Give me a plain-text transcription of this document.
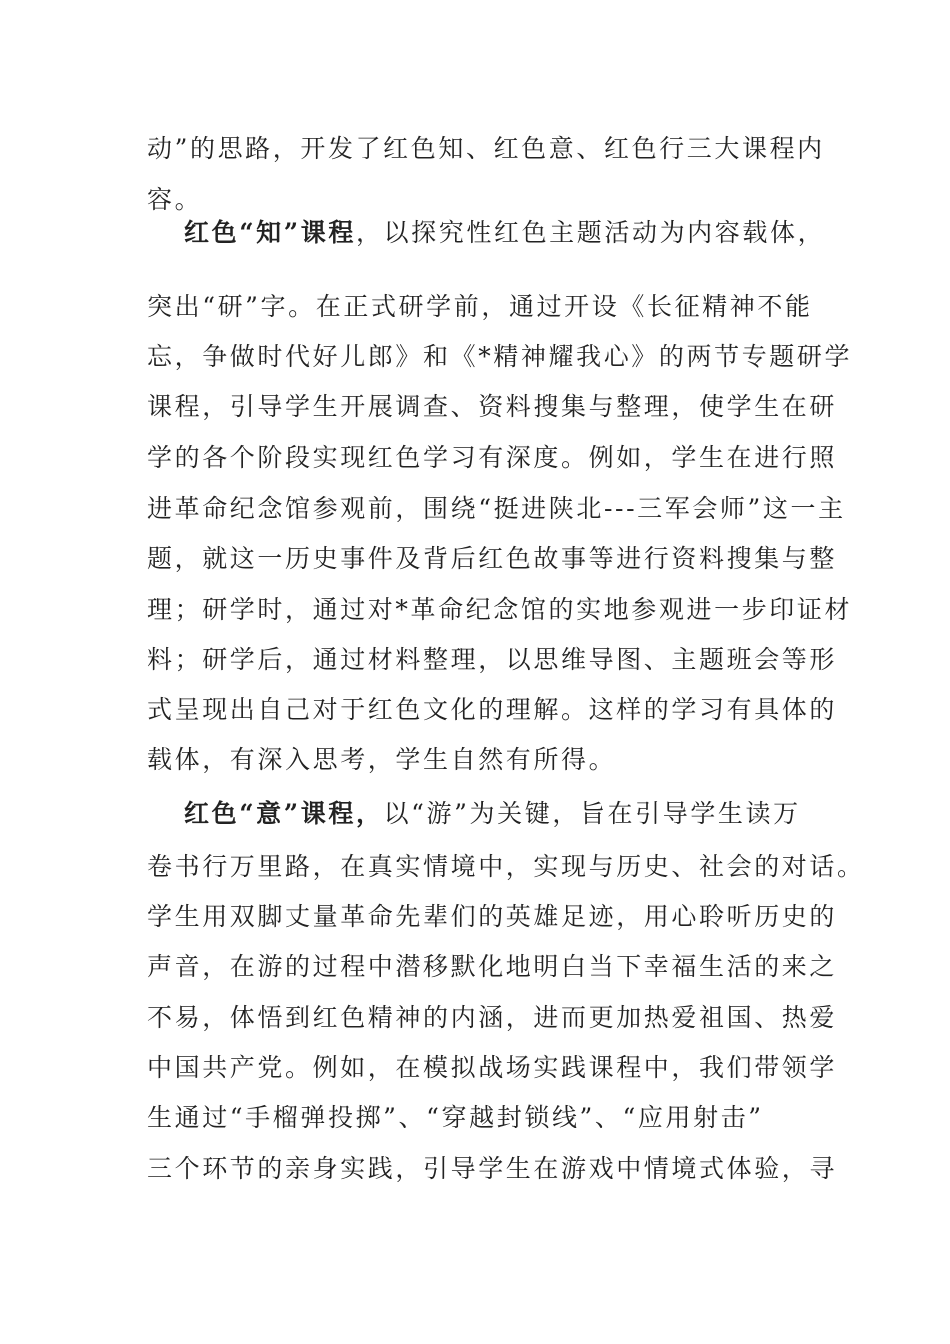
动”的思路，开发了红色知、红色意、红色行三大课程内
容。
红色“知”课程，以探究性红色主题活动为内容载体，
突出“研”字。在正式研学前，通过开设《长征精神不能
忘，争做时代好儿郎》和《*精神耀我心》的两节专题研学
课程，引导学生开展调查、资料搜集与整理，使学生在研
学的各个阶段实现红色学习有深度。例如，学生在进行照
进革命纪念馆参观前，围绕“挺进陕北---三军会师”这一主
题，就这一历史事件及背后红色故事等进行资料搜集与整
理；研学时，通过对*革命纪念馆的实地参观进一步印证材
料；研学后，通过材料整理，以思维导图、主题班会等形
式呈现出自己对于红色文化的理解。这样的学习有具体的
载体，有深入思考，学生自然有所得。
红色“意”课程，以“游”为关键，旨在引导学生读万
卷书行万里路，在真实情境中，实现与历史、社会的对话。
学生用双脚丈量革命先辈们的英雄足迹，用心聆听历史的
声音，在游的过程中潜移默化地明白当下幸福生活的来之
不易，体悟到红色精神的内涵，进而更加热爱祖国、热爱
中国共产党。例如，在模拟战场实践课程中，我们带领学
生通过“手榴弹投掷”、“穿越封锁线”、“应用射击”
三个环节的亲身实践，引导学生在游戏中情境式体验，寻
